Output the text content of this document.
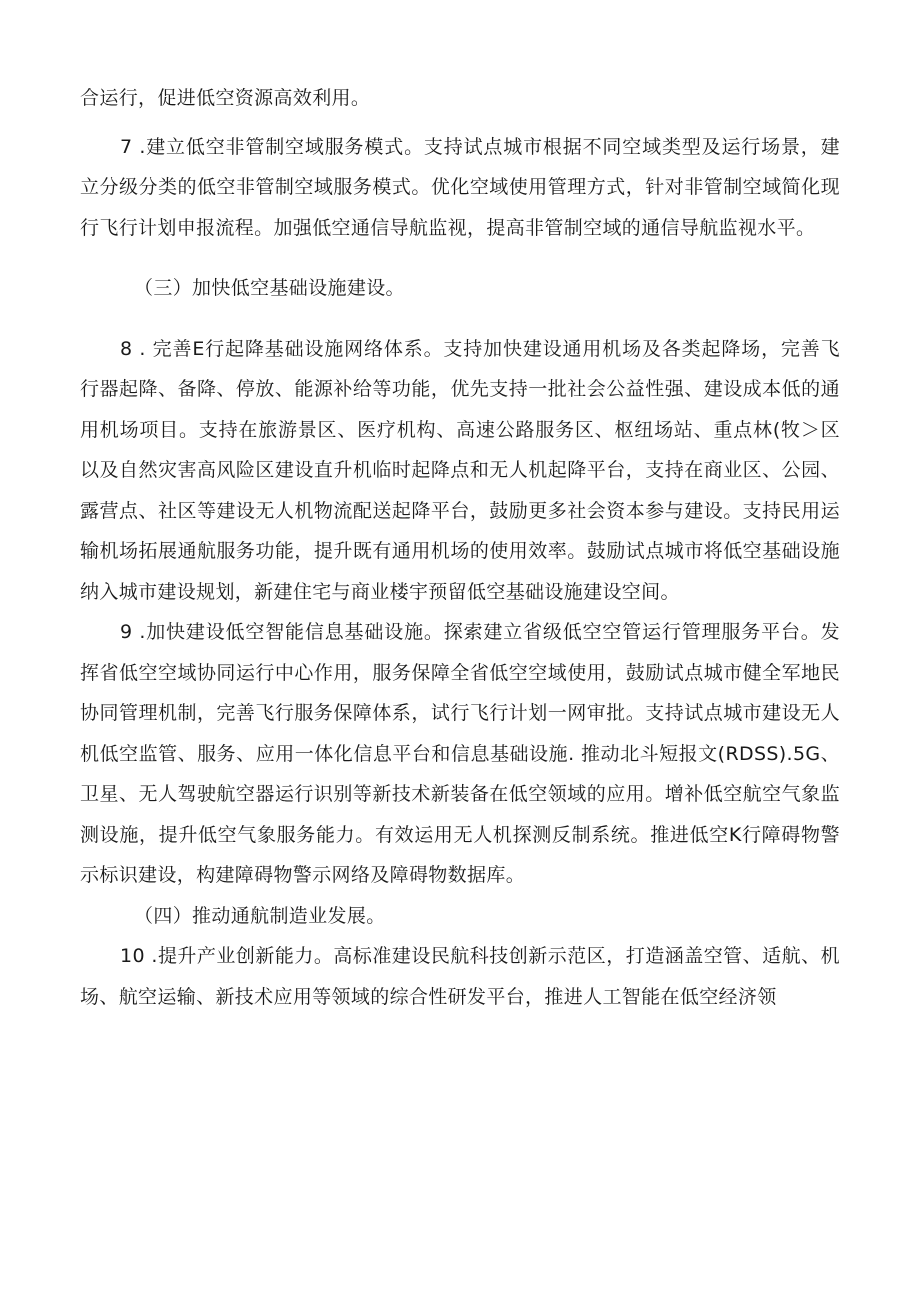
合运行，促进低空资源高效利用。

7 .建立低空非管制空域服务模式。支持试点城市根据不同空域类型及运行场景，建立分级分类的低空非管制空域服务模式。优化空域使用管理方式，针对非管制空域简化现行飞行计划申报流程。加强低空通信导航监视，提高非管制空域的通信导航监视水平。

（三）加快低空基础设施建设。

8 . 完善E行起降基础设施网络体系。支持加快建设通用机场及各类起降场，完善飞行器起降、备降、停放、能源补给等功能，优先支持一批社会公益性强、建设成本低的通用机场项目。支持在旅游景区、医疗机构、高速公路服务区、枢纽场站、重点林(牧＞区以及自然灾害高风险区建设直升机临时起降点和无人机起降平台，支持在商业区、公园、露营点、社区等建设无人机物流配送起降平台，鼓励更多社会资本参与建设。支持民用运输机场拓展通航服务功能，提升既有通用机场的使用效率。鼓励试点城市将低空基础设施纳入城市建设规划，新建住宅与商业楼宇预留低空基础设施建设空间。

9 .加快建设低空智能信息基础设施。探索建立省级低空空管运行管理服务平台。发挥省低空空域协同运行中心作用，服务保障全省低空空域使用，鼓励试点城市健全军地民协同管理机制，完善飞行服务保障体系，试行飞行计划一网审批。支持试点城市建设无人机低空监管、服务、应用一体化信息平台和信息基础设施. 推动北斗短报文(RDSS).5G、卫星、无人驾驶航空器运行识别等新技术新装备在低空领域的应用。增补低空航空气象监测设施，提升低空气象服务能力。有效运用无人机探测反制系统。推进低空K行障碍物警示标识建设，构建障碍物警示网络及障碍物数据库。

（四）推动通航制造业发展。

10 .提升产业创新能力。高标准建设民航科技创新示范区，打造涵盖空管、适航、机场、航空运输、新技术应用等领域的综合性研发平台，推进人工智能在低空经济领
